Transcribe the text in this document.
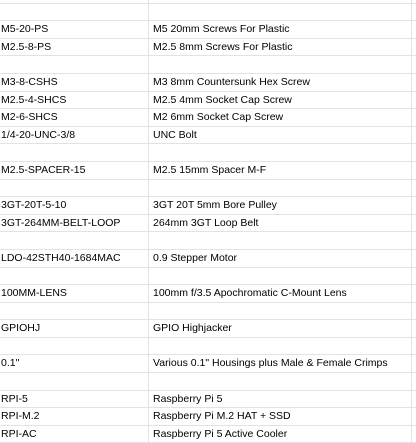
M5-20-PS	M5 20mm Screws For Plastic
M2.5-8-PS	M2.5 8mm Screws For Plastic
M3-8-CSHS	M3 8mm Countersunk Hex Screw
M2.5-4-SHCS	M2.5 4mm Socket Cap Screw
M2-6-SHCS	M2 6mm Socket Cap Screw
1/4-20-UNC-3/8	UNC Bolt
M2.5-SPACER-15	M2.5 15mm Spacer M-F
3GT-20T-5-10	3GT 20T 5mm Bore Pulley
3GT-264MM-BELT-LOOP	264mm 3GT Loop Belt
LDO-42STH40-1684MAC	0.9 Stepper Motor
100MM-LENS	100mm f/3.5 Apochromatic C-Mount Lens
GPIOHJ	GPIO Highjacker
0.1"	Various 0.1" Housings plus Male & Female Crimps
RPI-5	Raspberry Pi 5
RPI-M.2	Raspberry Pi M.2 HAT + SSD
RPI-AC	Raspberry Pi 5 Active Cooler
